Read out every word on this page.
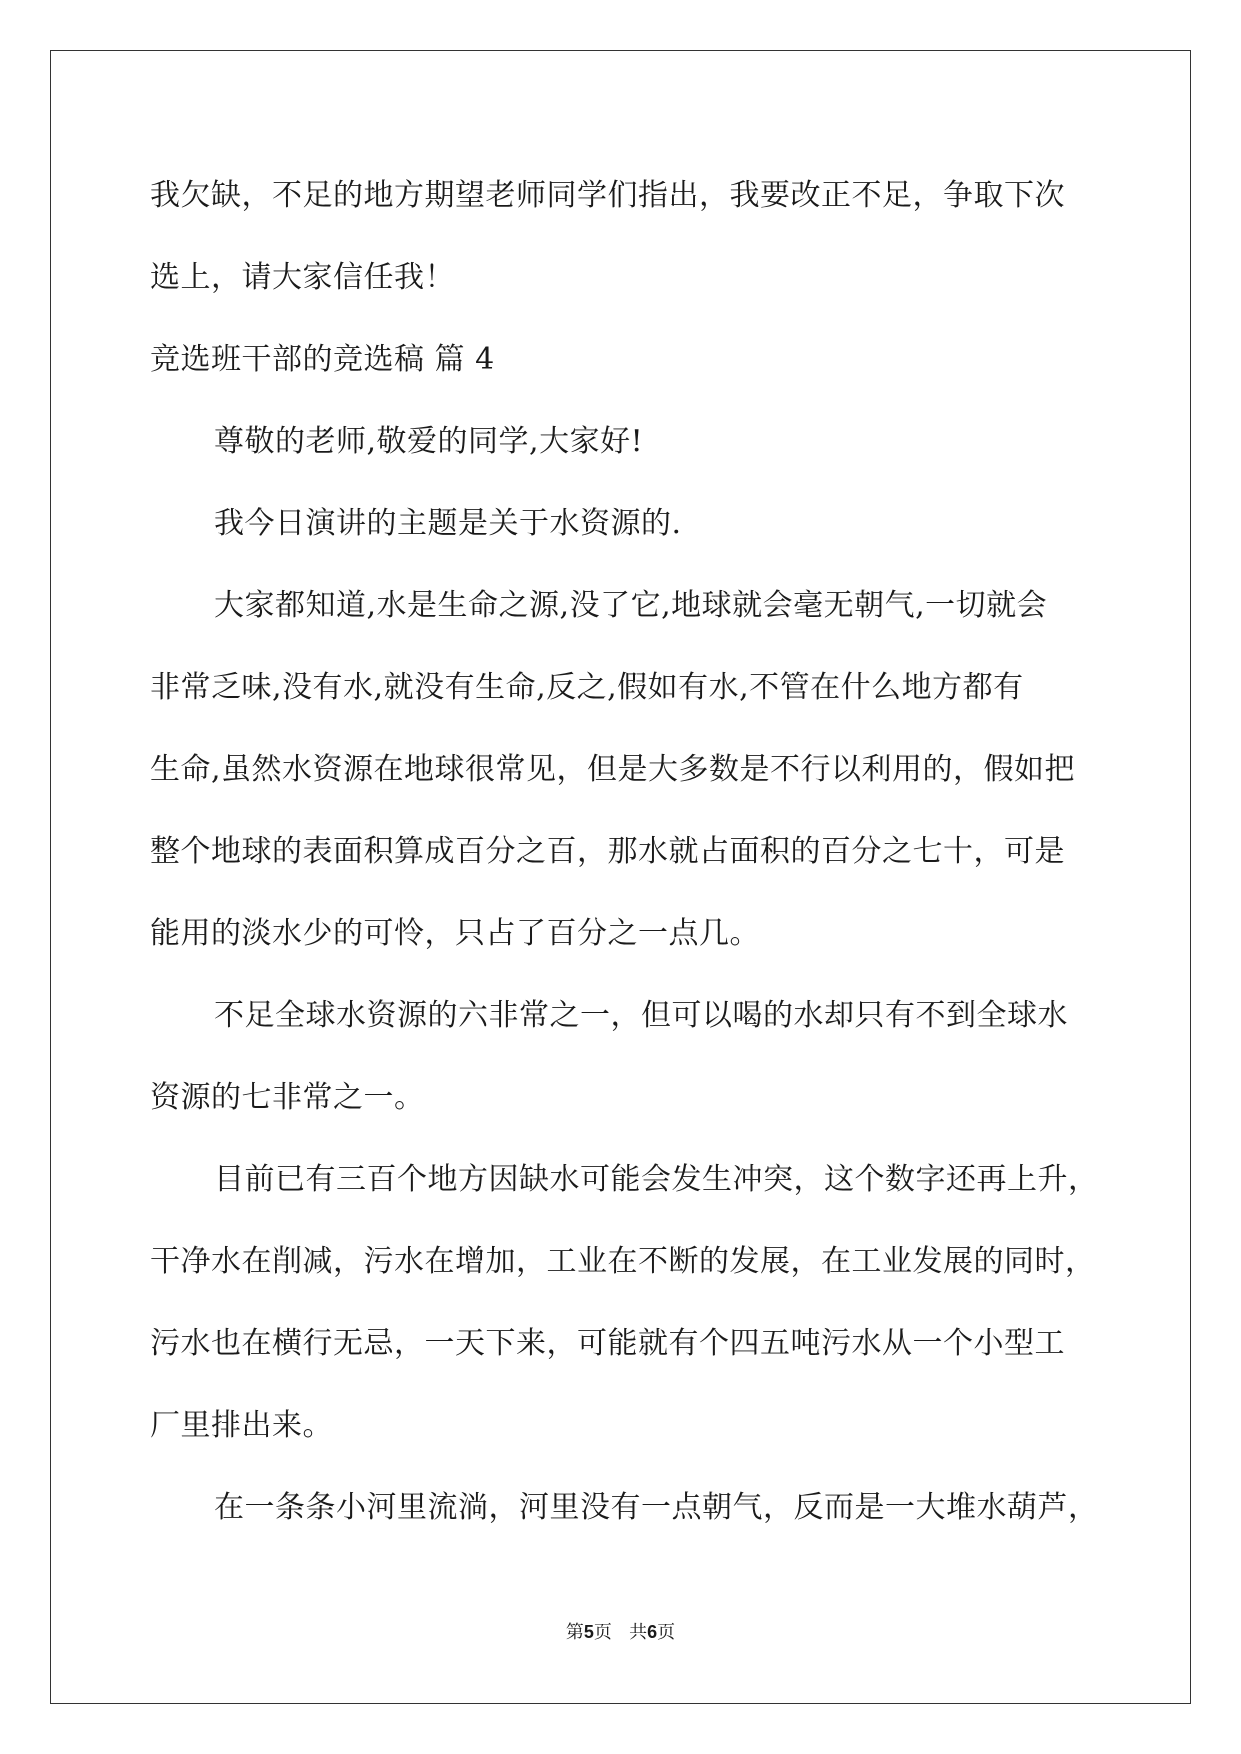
我欠缺，不足的地方期望老师同学们指出，我要改正不足，争取下次

选上，请大家信任我！

竞选班干部的竞选稿 篇 4

尊敬的老师,敬爱的同学,大家好!

我今日演讲的主题是关于水资源的.

大家都知道,水是生命之源,没了它,地球就会毫无朝气,一切就会

非常乏味,没有水,就没有生命,反之,假如有水,不管在什么地方都有

生命,虽然水资源在地球很常见，但是大多数是不行以利用的，假如把

整个地球的表面积算成百分之百，那水就占面积的百分之七十，可是

能用的淡水少的可怜，只占了百分之一点几。

不足全球水资源的六非常之一，但可以喝的水却只有不到全球水

资源的七非常之一。

目前已有三百个地方因缺水可能会发生冲突，这个数字还再上升，

干净水在削减，污水在增加，工业在不断的发展，在工业发展的同时，

污水也在横行无忌，一天下来，可能就有个四五吨污水从一个小型工

厂里排出来。

在一条条小河里流淌，河里没有一点朝气，反而是一大堆水葫芦，

第5页 共6页
